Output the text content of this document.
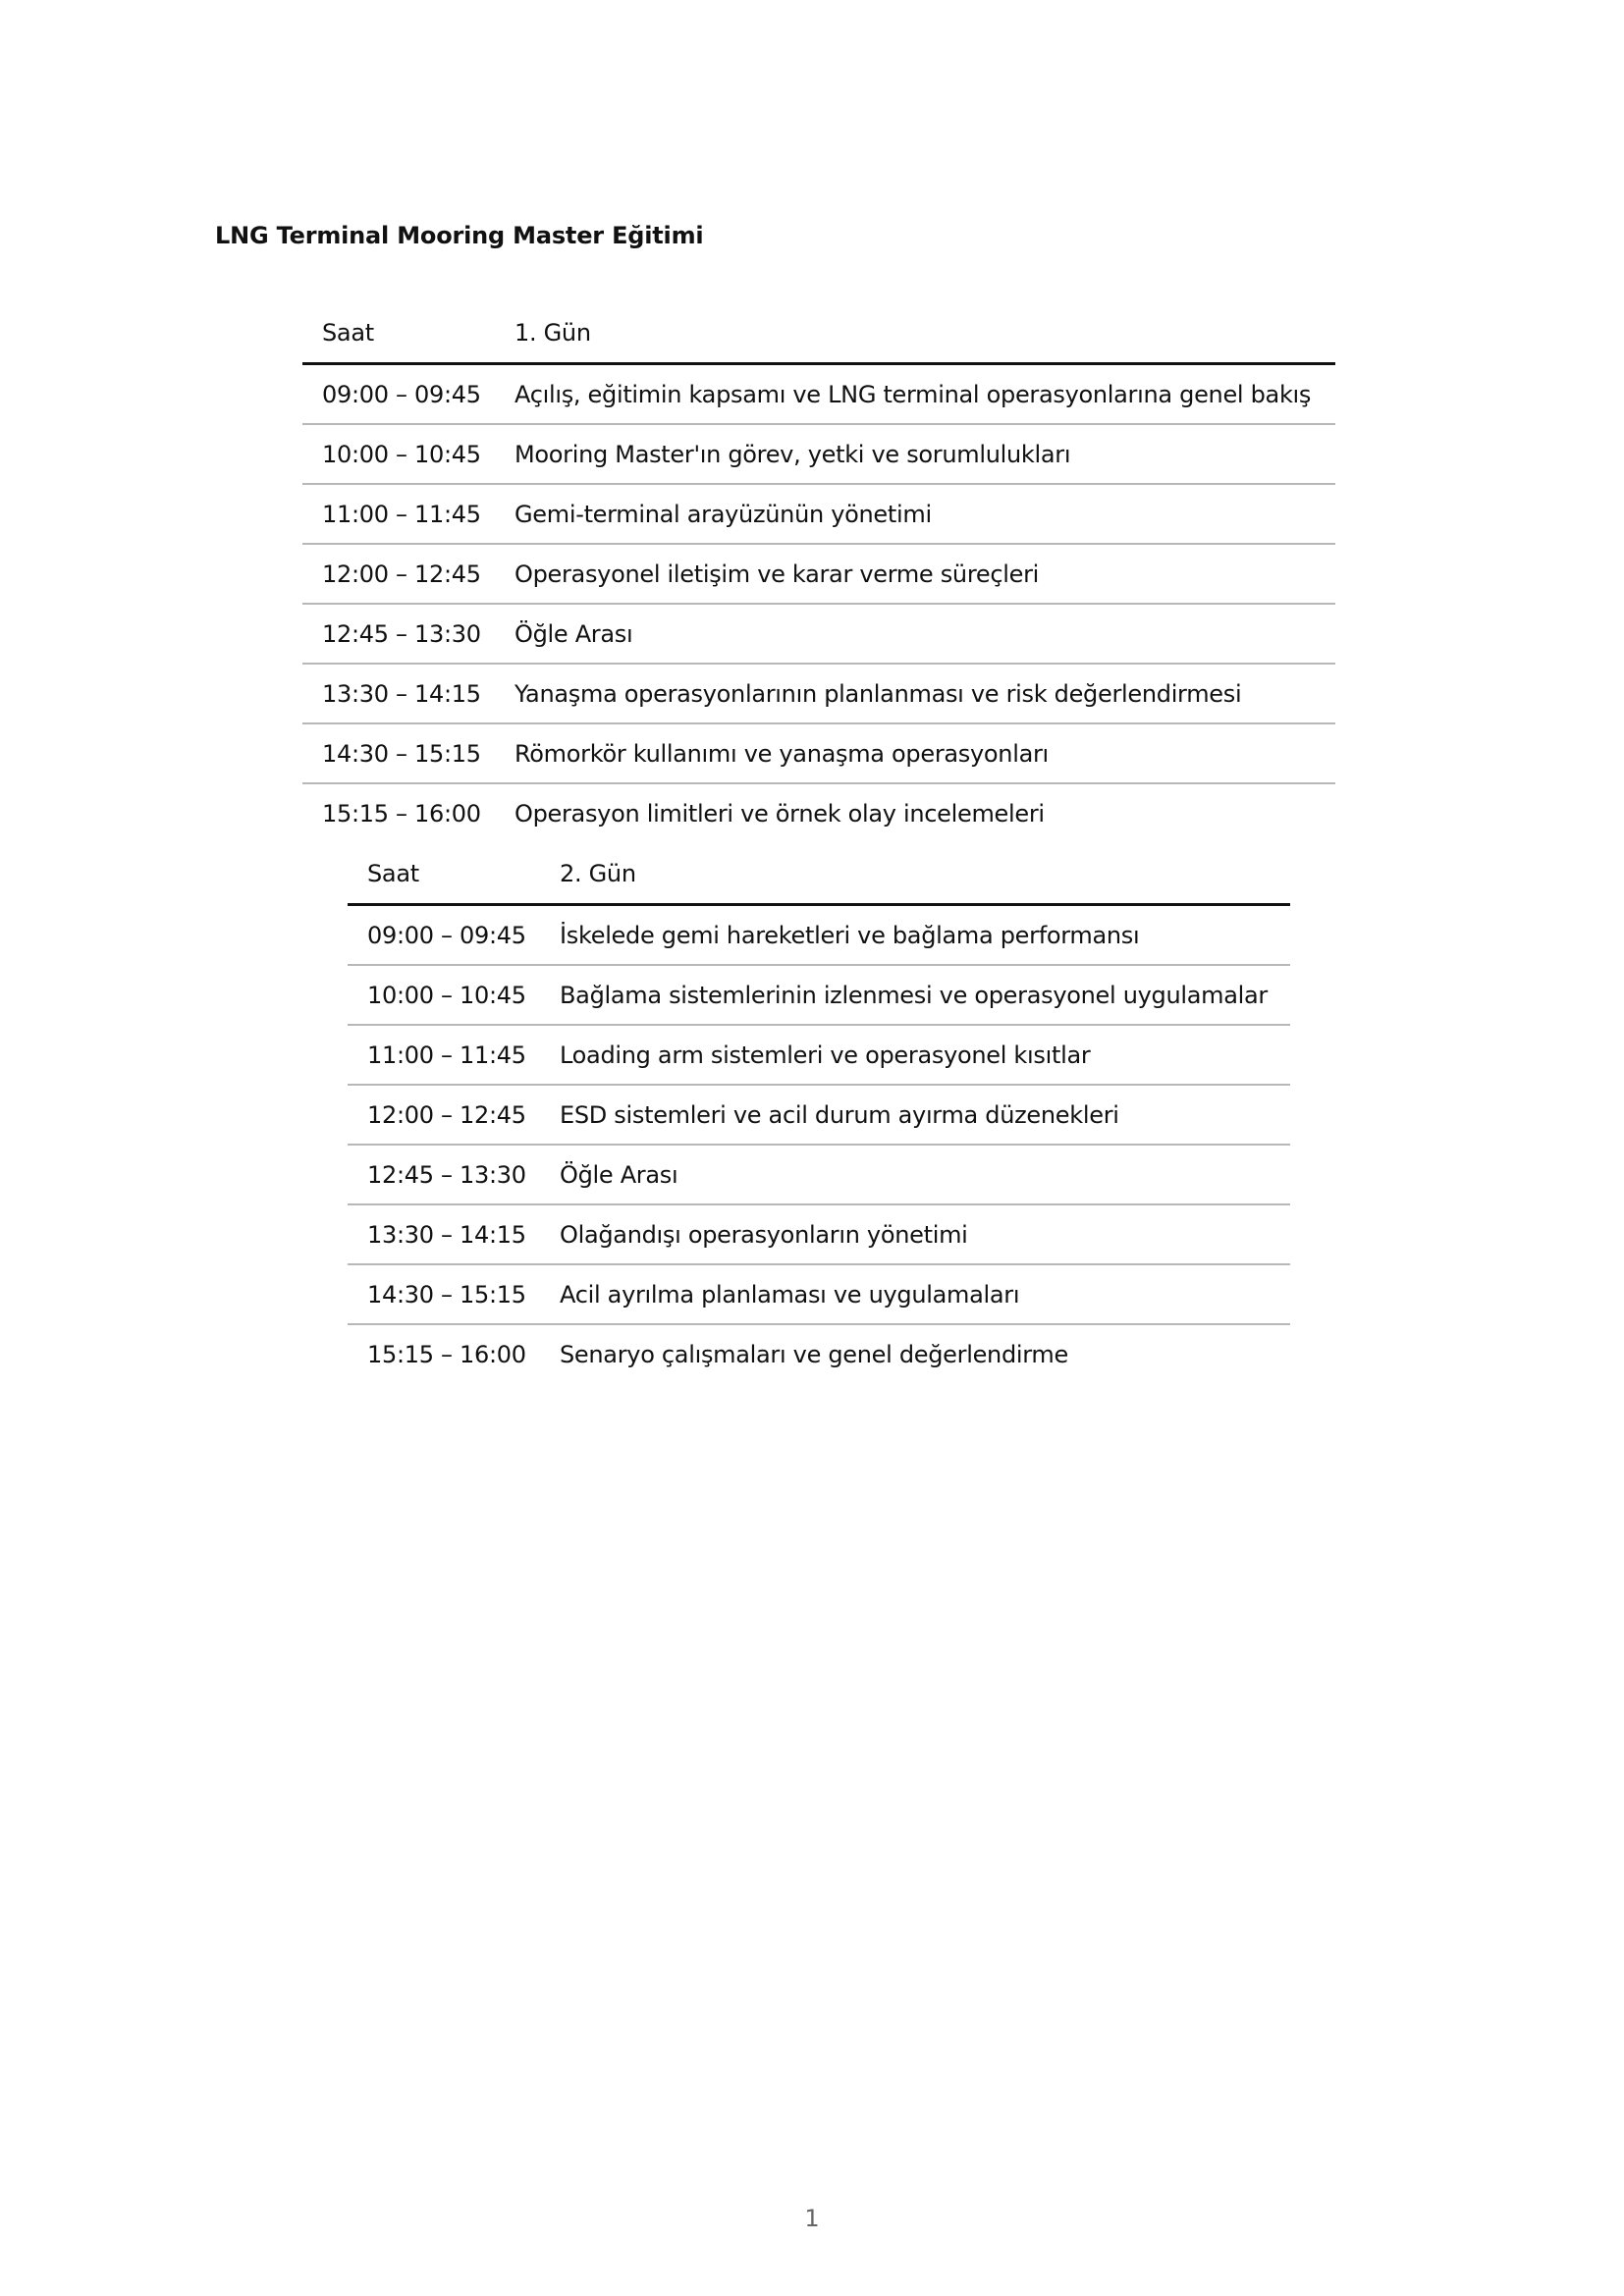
LNG Terminal Mooring Master Eğitimi
Saat	1. Gün
09:00 – 09:45	Açılış, eğitimin kapsamı ve LNG terminal operasyonlarına genel bakış
10:00 – 10:45	Mooring Master'ın görev, yetki ve sorumlulukları
11:00 – 11:45	Gemi-terminal arayüzünün yönetimi
12:00 – 12:45	Operasyonel iletişim ve karar verme süreçleri
12:45 – 13:30	Öğle Arası
13:30 – 14:15	Yanaşma operasyonlarının planlanması ve risk değerlendirmesi
14:30 – 15:15	Römorkör kullanımı ve yanaşma operasyonları
15:15 – 16:00	Operasyon limitleri ve örnek olay incelemeleri
Saat	2. Gün
09:00 – 09:45	İskelede gemi hareketleri ve bağlama performansı
10:00 – 10:45	Bağlama sistemlerinin izlenmesi ve operasyonel uygulamalar
11:00 – 11:45	Loading arm sistemleri ve operasyonel kısıtlar
12:00 – 12:45	ESD sistemleri ve acil durum ayırma düzenekleri
12:45 – 13:30	Öğle Arası
13:30 – 14:15	Olağandışı operasyonların yönetimi
14:30 – 15:15	Acil ayrılma planlaması ve uygulamaları
15:15 – 16:00	Senaryo çalışmaları ve genel değerlendirme
1
